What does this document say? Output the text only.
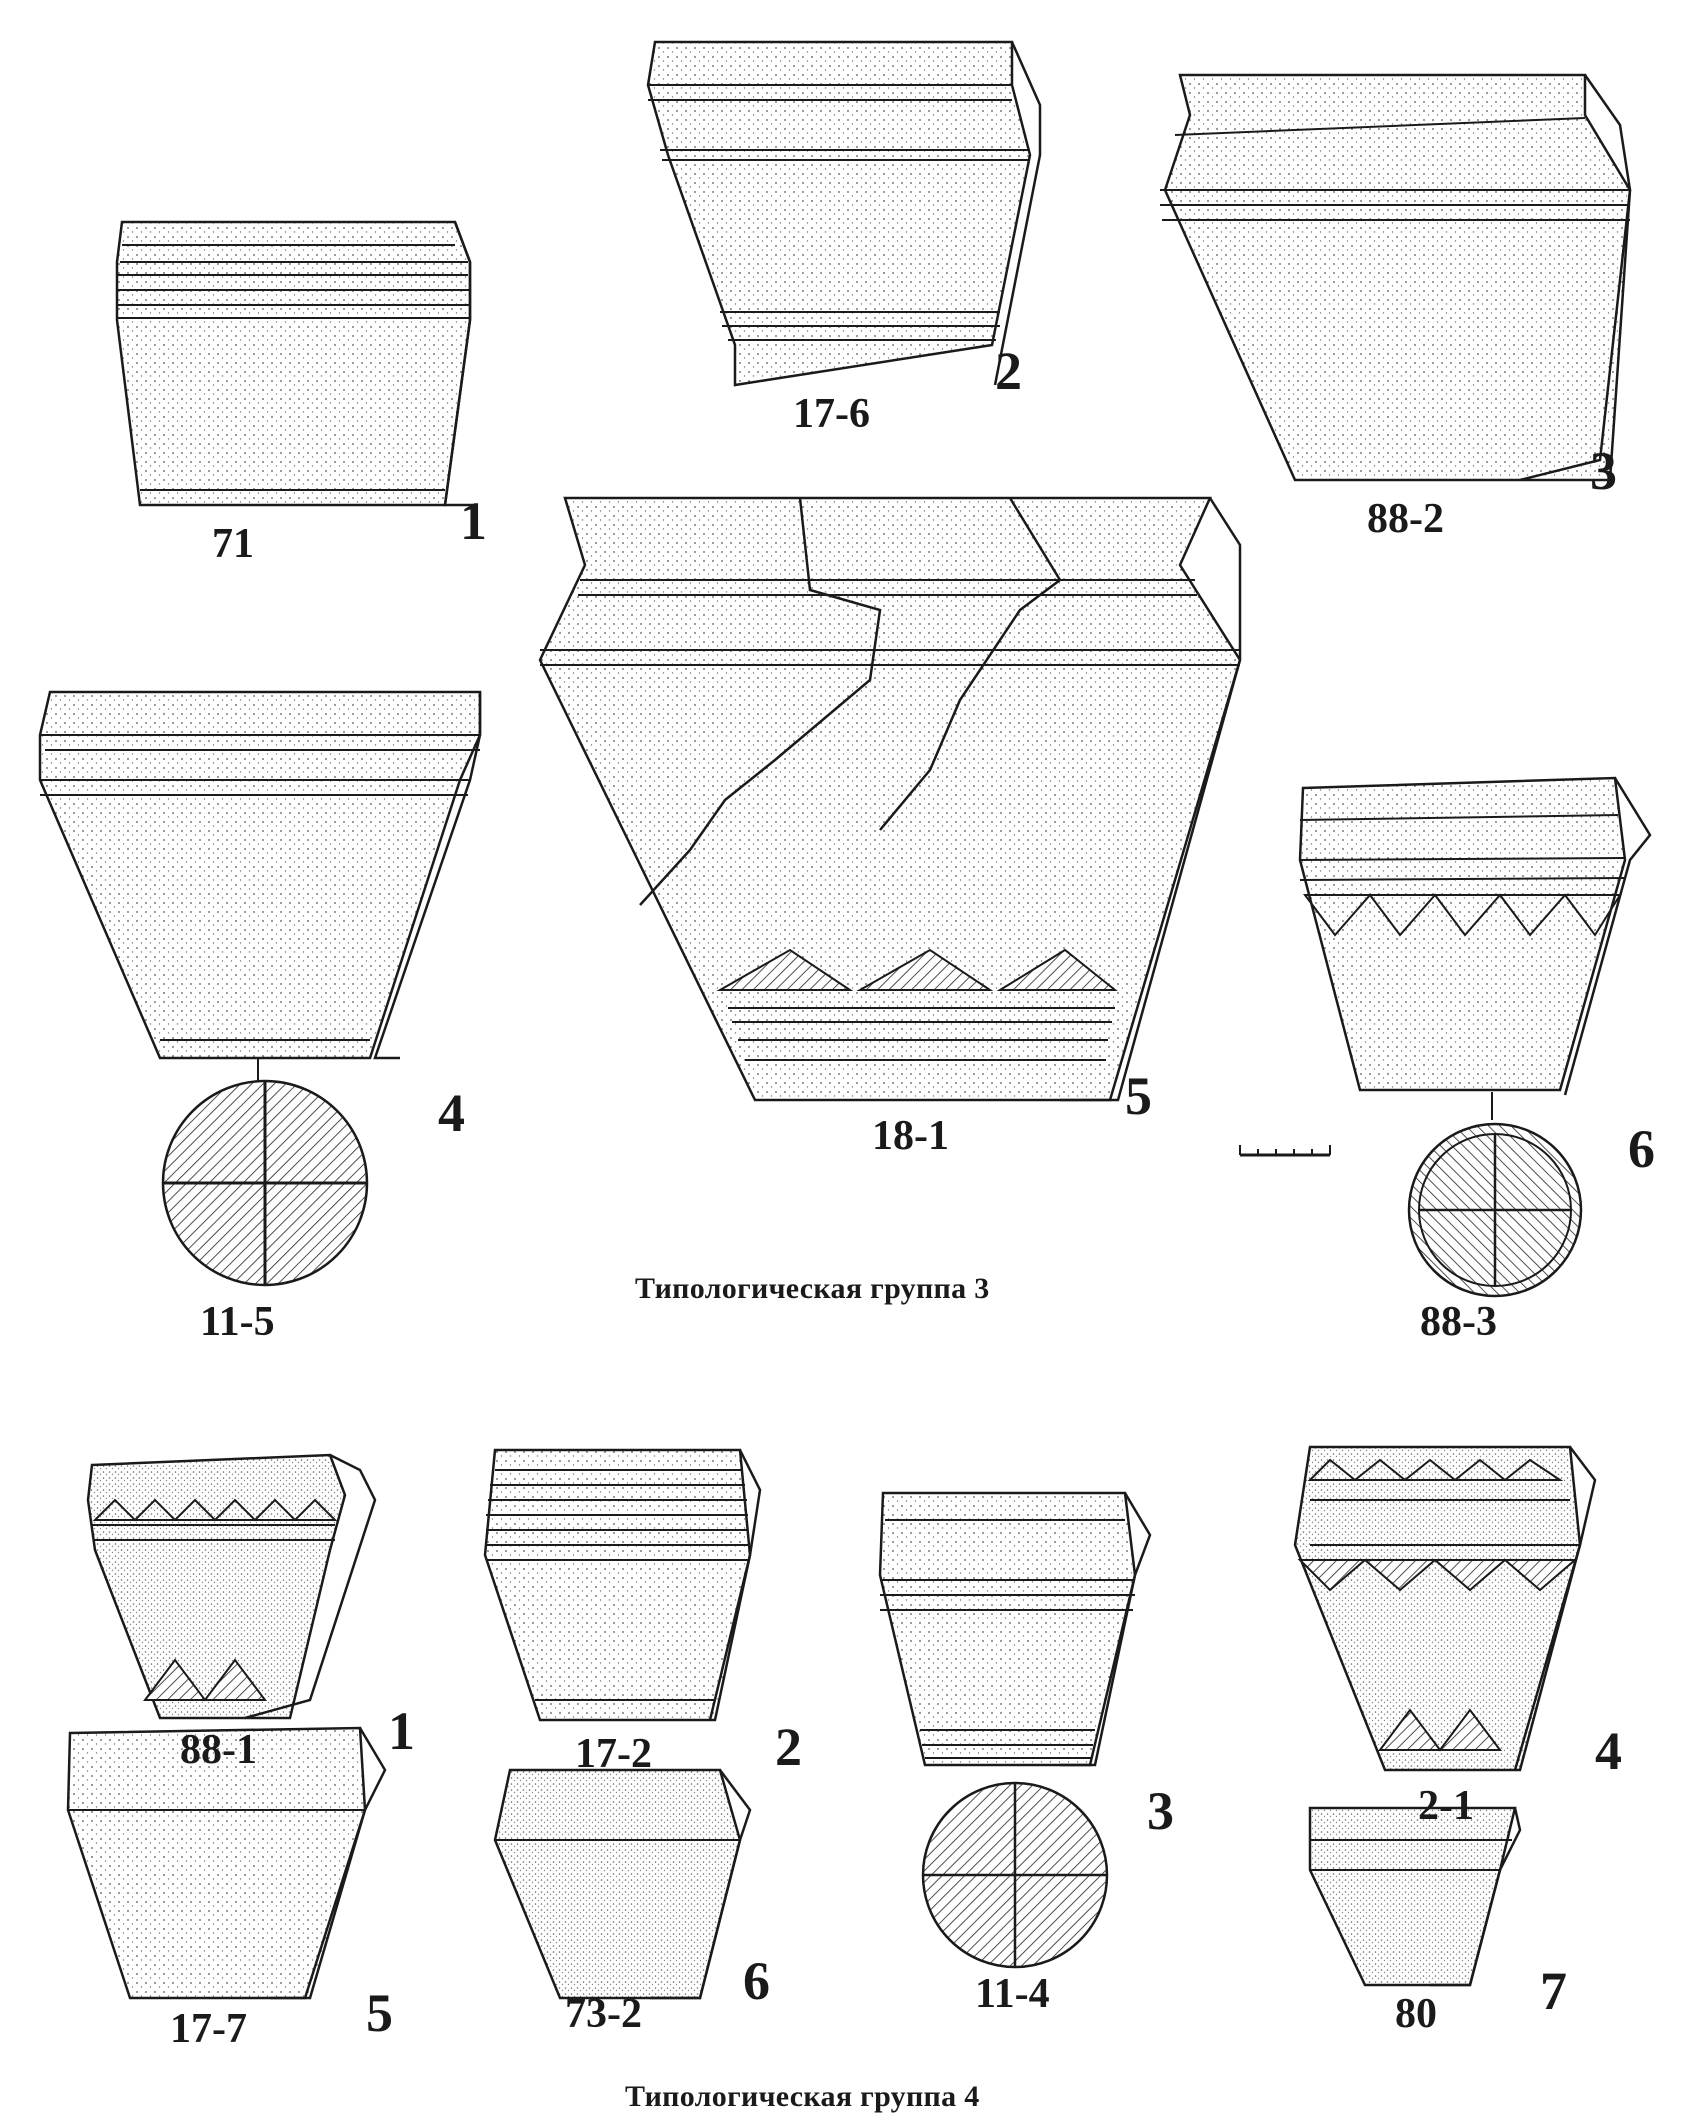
71	1
17-6
2
88-2
3
11-5
4	18-1
5
88-3
6
Типологическая группа 3
88-1 1	17-2 2
11-4
3	2-1
4
17-7 5	73-2
6
80 7
Типологическая группа 4
